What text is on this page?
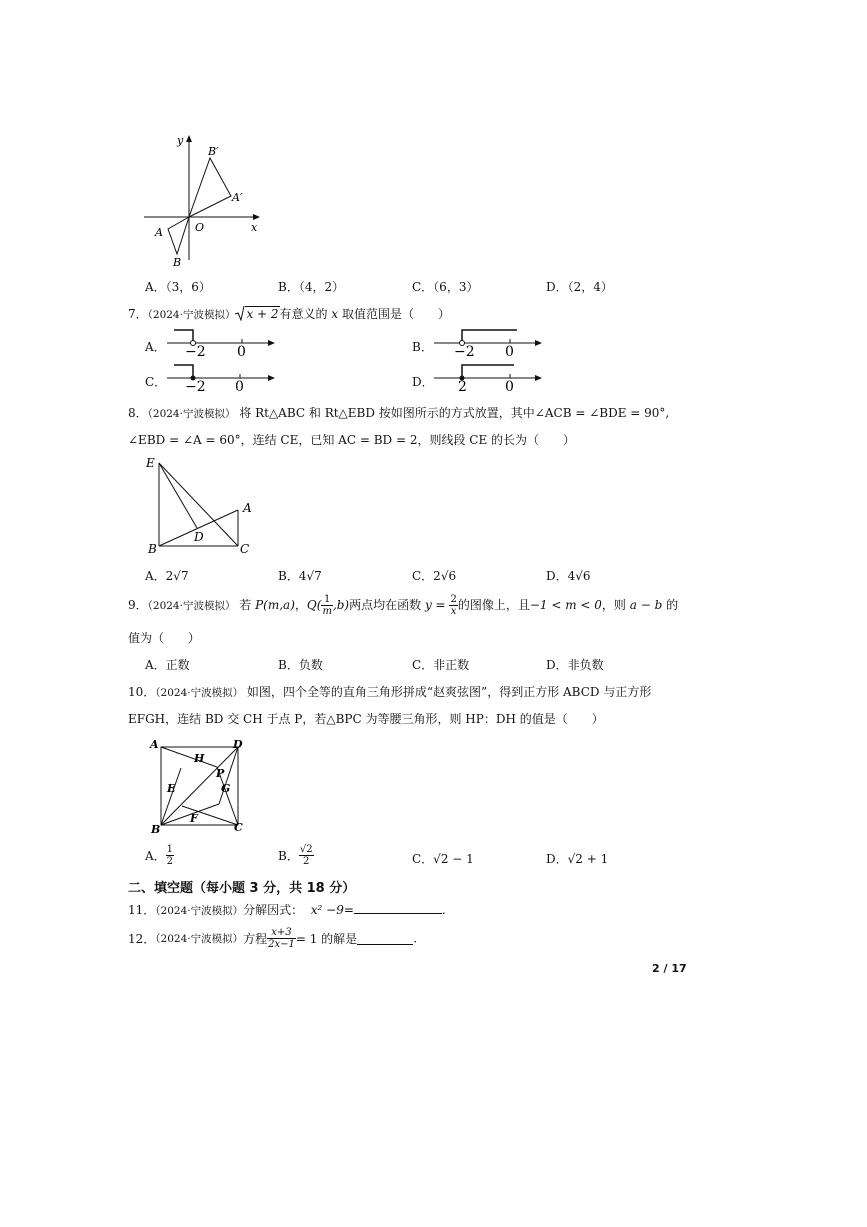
y
B′
A′
O	x
A
B
A．（3，6）	B．（4，2）	C．（6，3）	D．（2，4）
7．（2024·宁波模拟） x + 2有意义的 x 取值范围是（　　）
A． −2 0	B． −2 0
C． −2 0	D． 2	0
8．（2024·宁波模拟） 将 Rt△ABC 和 Rt△EBD 按如图所示的方式放置，其中∠ACB = ∠BDE = 90°,
∠EBD = ∠A = 60°，连结 CE，已知 AC = BD = 2，则线段 CE 的长为（　　）
E
A
D
B	C
A．2√7	B．4√7	C．2√6	D．4√6
9．（2024·宁波模拟） 若 P(m,a)，$Q( \frac{1}{m} ,b)$两点均在函数 $y = \frac{2}{x}$ 的图像上，且−1 < m < 0，则 a − b 的
值为（　　）
A．正数	B．负数	C．非正数	D．非负数
10．（2024·宁波模拟） 如图，四个全等的直角三角形拼成“赵爽弦图”，得到正方形 ABCD 与正方形
EFGH，连结 BD 交 CH 于点 P，若△BPC 为等腰三角形，则 HP：DH 的值是（　　）
A	D
H
P
E	G
F
B	C
A． $\frac{1}{2}$	B． $\frac{√2}{2}$	C．√2 − 1	D．√2 + 1
二、填空题（每小题 3 分，共 18 分）
11．（2024·宁波模拟）分解因式： x² −9=	.
12．（2024·宁波模拟）方程 $\frac{x+3}{2x-1} = 1$ 的解是	.
2 / 17
